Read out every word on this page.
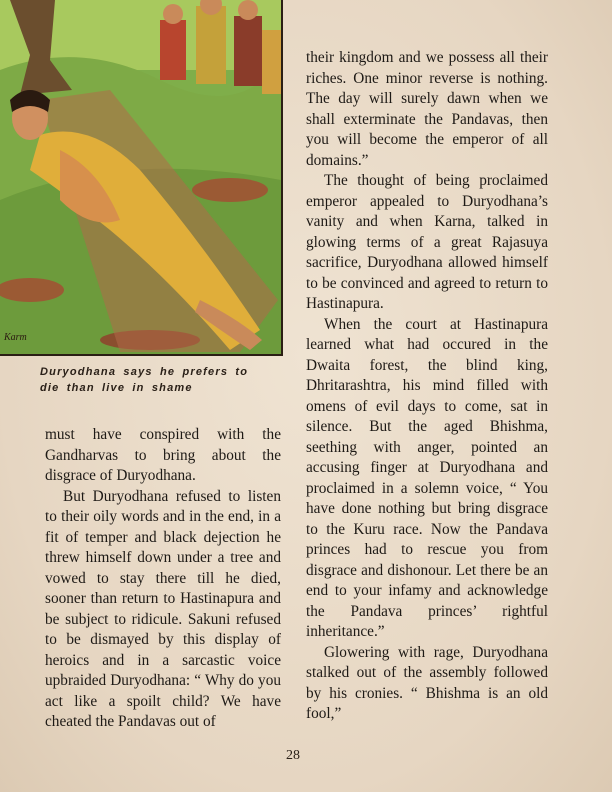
Karm
Duryodhana says he prefers to die than live in shame

must have conspired with the Gandharvas to bring about the disgrace of Duryodhana.

But Duryodhana refused to listen to their oily words and in the end, in a fit of temper and black dejection he threw himself down under a tree and vowed to stay there till he died, sooner than return to Hastinapura and be subject to ridicule. Sakuni refused to be dismayed by this display of heroics and in a sarcastic voice upbraided Duryodhana: “ Why do you act like a spoilt child? We have cheated the Pandavas out of

their kingdom and we possess all their riches. One minor reverse is nothing. The day will surely dawn when we shall exterminate the Pandavas, then you will become the emperor of all domains.”

The thought of being proclaimed emperor appealed to Duryodhana’s vanity and when Karna, talked in glowing terms of a great Rajasuya sacrifice, Duryodhana allowed himself to be convinced and agreed to return to Hastinapura.

When the court at Hastinapura learned what had occured in the Dwaita forest, the blind king, Dhritarashtra, his mind filled with omens of evil days to come, sat in silence. But the aged Bhishma, seething with anger, pointed an accusing finger at Duryodhana and proclaimed in a solemn voice, “ You have done nothing but bring disgrace to the Kuru race. Now the Pandava princes had to rescue you from disgrace and dishonour. Let there be an end to your infamy and acknowledge the Pandava princes’ rightful inheritance.”

Glowering with rage, Duryodhana stalked out of the assembly followed by his cronies. “ Bhishma is an old fool,”

28
